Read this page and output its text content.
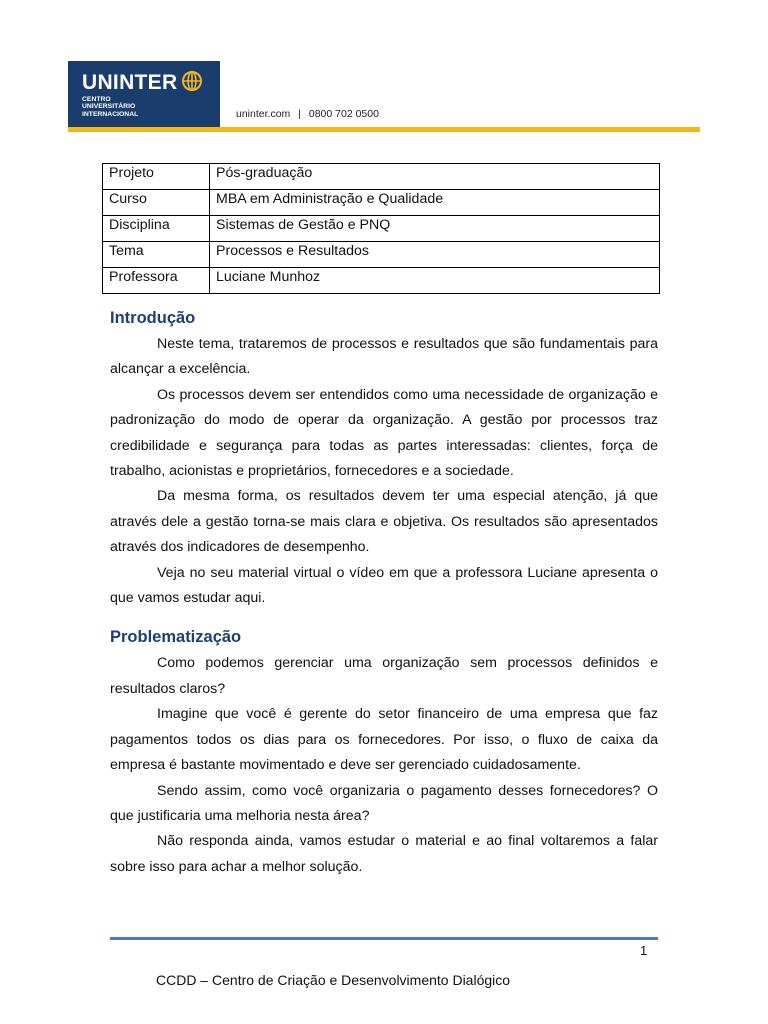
UNINTER
CENTRO
UNIVERSITÁRIO
INTERNACIONAL	uninter.com | 0800 702 0500
Projeto	Pós-graduação
Curso	MBA em Administração e Qualidade
Disciplina	Sistemas de Gestão e PNQ
Tema	Processos e Resultados
Professora	Luciane Munhoz
Introdução

Neste tema, trataremos de processos e resultados que são fundamentais para alcançar a excelência.

Os processos devem ser entendidos como uma necessidade de organização e padronização do modo de operar da organização. A gestão por processos traz credibilidade e segurança para todas as partes interessadas: clientes, força de trabalho, acionistas e proprietários, fornecedores e a sociedade.

Da mesma forma, os resultados devem ter uma especial atenção, já que através dele a gestão torna-se mais clara e objetiva. Os resultados são apresentados através dos indicadores de desempenho.

Veja no seu material virtual o vídeo em que a professora Luciane apresenta o que vamos estudar aqui.

Problematização

Como podemos gerenciar uma organização sem processos definidos e resultados claros?

Imagine que você é gerente do setor financeiro de uma empresa que faz pagamentos todos os dias para os fornecedores. Por isso, o fluxo de caixa da empresa é bastante movimentado e deve ser gerenciado cuidadosamente.

Sendo assim, como você organizaria o pagamento desses fornecedores? O que justificaria uma melhoria nesta área?

Não responda ainda, vamos estudar o material e ao final voltaremos a falar sobre isso para achar a melhor solução.

1
CCDD – Centro de Criação e Desenvolvimento Dialógico
